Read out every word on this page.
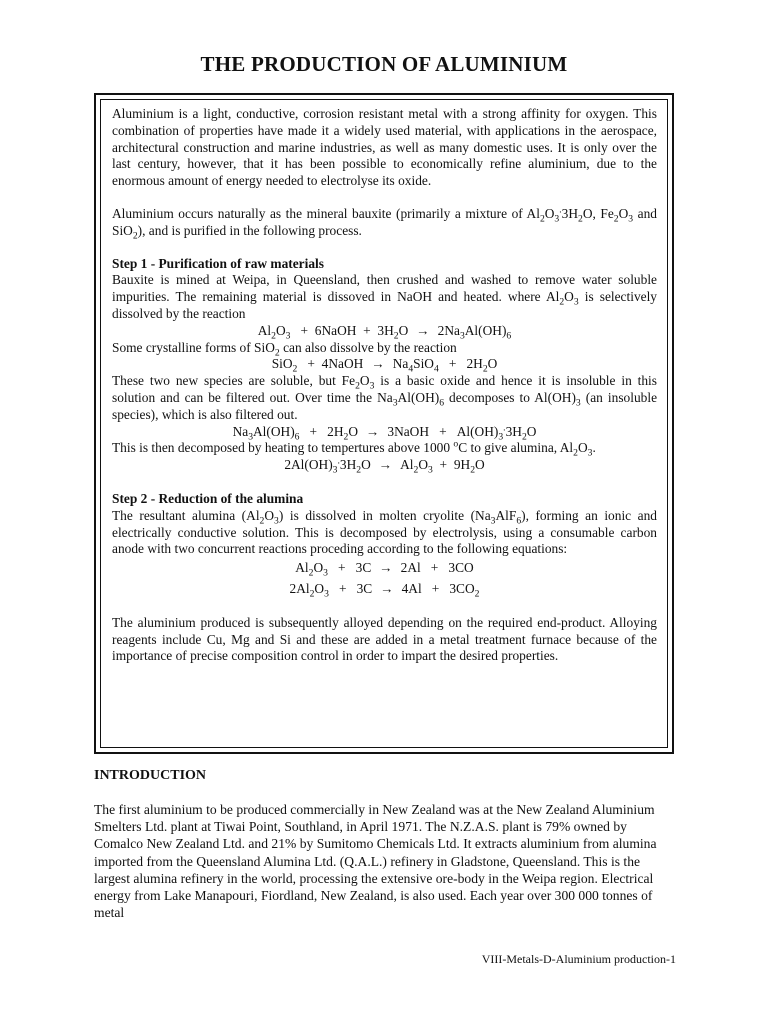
THE PRODUCTION OF ALUMINIUM

Aluminium is a light, conductive, corrosion resistant metal with a strong affinity for oxygen. This combination of properties have made it a widely used material, with applications in the aerospace, architectural construction and marine industries, as well as many domestic uses. It is only over the last century, however, that it has been possible to economically refine aluminium, due to the enormous amount of energy needed to electrolyse its oxide.

Aluminium occurs naturally as the mineral bauxite (primarily a mixture of $Al_2O_3^.3H_2O$, $Fe_2O_3$ and SiO$_2$), and is purified in the following process.

Step 1 - Purification of raw materials

Bauxite is mined at Weipa, in Queensland, then crushed and washed to remove water soluble impurities. The remaining material is dissoved in NaOH and heated. where $Al_2O_3$ is selectively dissolved by the reaction

$Al_2O_3$ + 6NaOH + $3H_2O \to 2Na_3Al(OH)_6$

Some crystalline forms of SiO$_2$ can also dissolve by the reaction

SiO$_2$ + 4NaOH → $Na_4SiO_4 + 2H_2O$

These two new species are soluble, but $Fe_2O_3$ is a basic oxide and hence it is insoluble in this solution and can be filtered out. Over time the $Na_3Al(OH)_6$ decomposes to $Al(OH)_3$ (an insoluble species), which is also filtered out.

$Na_3Al(OH)_6 + 2H_2O$ → 3NaOH + $Al(OH)_3^.3H_2O$

This is then decomposed by heating to tempertures above 1000 $^o$C to give alumina, $Al_2O_3$.

$2Al(OH)_3^.3H_2O \to Al_2O_3 + 9H_2O$

Step 2 - Reduction of the alumina

The resultant alumina $(Al_2O_3)$ is dissolved in molten cryolite $(Na_3AlF_6)$, forming an ionic and electrically conductive solution. This is decomposed by electrolysis, using a consumable carbon anode with two concurrent reactions proceding according to the following equations:

$Al_2O_3 + 3C \to 2Al + 3CO$

$2Al_2O_3 + 3C \to 4Al + 3CO_2$

The aluminium produced is subsequently alloyed depending on the required end-product. Alloying reagents include Cu, Mg and Si and these are added in a metal treatment furnace because of the importance of precise composition control in order to impart the desired properties.

INTRODUCTION

The first aluminium to be produced commercially in New Zealand was at the New Zealand Aluminium Smelters Ltd. plant at Tiwai Point, Southland, in April 1971. The N.Z.A.S. plant is 79% owned by Comalco New Zealand Ltd. and 21% by Sumitomo Chemicals Ltd. It extracts aluminium from alumina imported from the Queensland Alumina Ltd. (Q.A.L.) refinery in Gladstone, Queensland. This is the largest alumina refinery in the world, processing the extensive ore-body in the Weipa region. Electrical energy from Lake Manapouri, Fiordland, New Zealand, is also used. Each year over 300 000 tonnes of metal

VIII-Metals-D-Aluminium production-1
